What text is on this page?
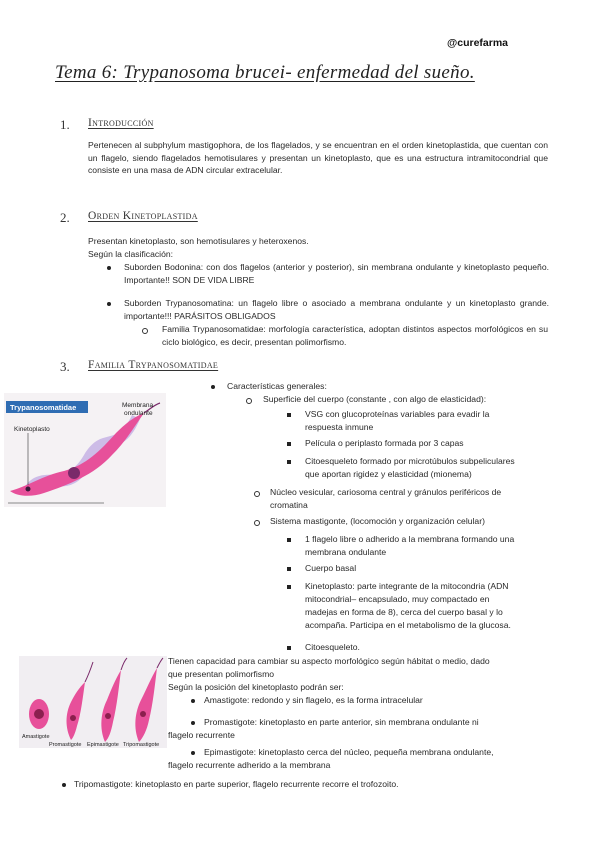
@curefarma
Tema 6: Trypanosoma brucei- enfermedad del sueño.
1. Introducción
Pertenecen al subphylum mastigophora, de los flagelados, y se encuentran en el orden kinetoplastida, que cuentan con un flagelo, siendo flagelados hemotisulares y presentan un kinetoplasto, que es una estructura intramitocondrial que consiste en una masa de ADN circular extracelular.
2. Orden Kinetoplastida
Presentan kinetoplasto, son hemotisulares y heteroxenos.
Según la clasificación:
Suborden Bodonina: con dos flagelos (anterior y posterior), sin membrana ondulante y kinetoplasto pequeño. Importante!! SON DE VIDA LIBRE
Suborden Trypanosomatina: un flagelo libre o asociado a membrana ondulante y un kinetoplasto grande. importante!!! PARÁSITOS OBLIGADOS
Familia Trypanosomatidae: morfología característica, adoptan distintos aspectos morfológicos en su ciclo biológico, es decir, presentan polimorfismo.
3. Familia Trypanosomatidae
Trypanosomatidae
Kinetoplasto
Membrana
ondulante
Características generales:
Superficie del cuerpo (constante , con algo de elasticidad):
VSG con glucoproteínas variables para evadir la
respuesta inmune
Película o periplasto formada por 3 capas
Citoesqueleto formado por microtúbulos subpeliculares
que aportan rigidez y elasticidad (mionema)
Núcleo vesicular, cariosoma central y gránulos periféricos de
cromatina
Sistema mastigonte, (locomoción y organización celular)
1 flagelo libre o adherido a la membrana formando una
membrana ondulante
Cuerpo basal
Kinetoplasto: parte integrante de la mitocondria (ADN
mitocondrial– encapsulado, muy compactado en
madejas en forma de 8), cerca del cuerpo basal y lo
acompaña. Participa en el metabolismo de la glucosa.
Citoesqueleto.
Amastigote
Promastigote Epimastigote Tripomastigote
Tienen capacidad para cambiar su aspecto morfológico según hábitat o medio, dado
que presentan polimorfismo
Según la posición del kinetoplasto podrán ser:
Amastigote: redondo y sin flagelo, es la forma intracelular
Promastigote: kinetoplasto en parte anterior, sin membrana ondulante ni
flagelo recurrente
Epimastigote: kinetoplasto cerca del núcleo, pequeña membrana ondulante,
flagelo recurrente adherido a la membrana
Tripomastigote: kinetoplasto en parte superior, flagelo recurrente recorre el trofozoito.
